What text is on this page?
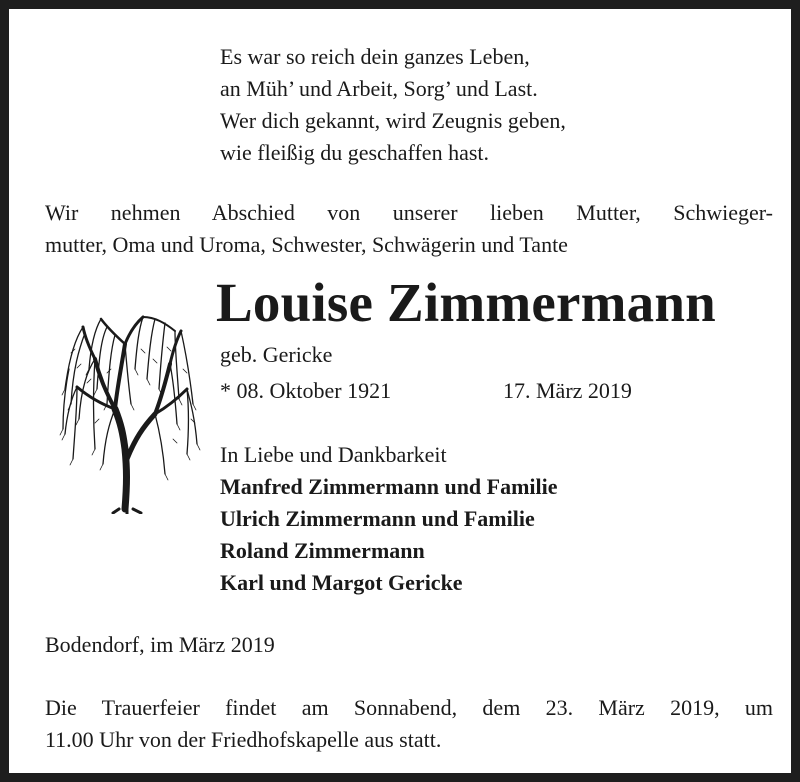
Es war so reich dein ganzes Leben,
an Müh’ und Arbeit, Sorg’ und Last.
Wer dich gekannt, wird Zeugnis geben,
wie fleißig du geschaffen hast.
Wir nehmen Abschied von unserer lieben Mutter, Schwieger-
mutter, Oma und Uroma, Schwester, Schwägerin und Tante
Louise Zimmermann
geb. Gericke
* 08. Oktober 1921	17. März 2019
In Liebe und Dankbarkeit
Manfred Zimmermann und Familie
Ulrich Zimmermann und Familie
Roland Zimmermann
Karl und Margot Gericke
Bodendorf, im März 2019
Die Trauerfeier findet am Sonnabend, dem 23. März 2019, um
11.00 Uhr von der Friedhofskapelle aus statt.
